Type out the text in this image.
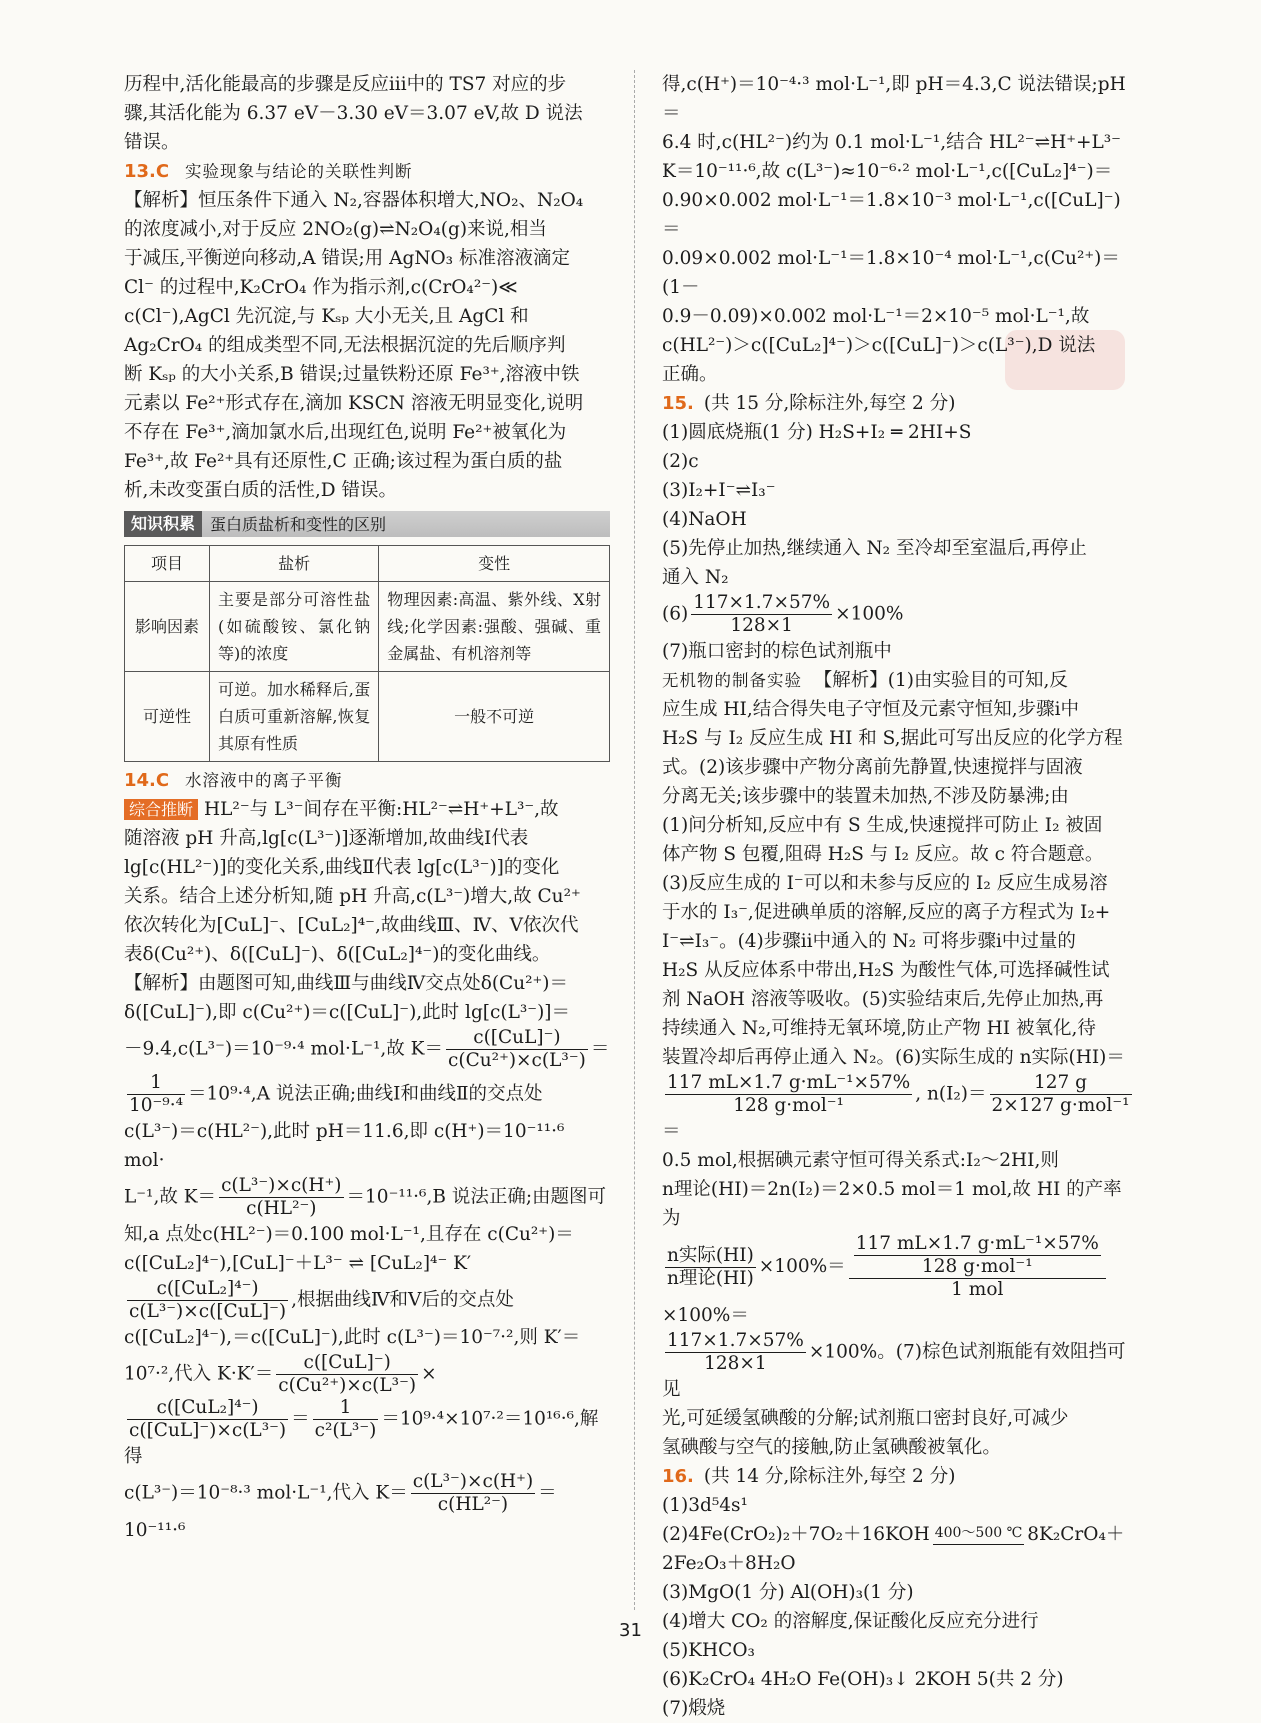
历程中,活化能最高的步骤是反应ⅲ中的 TS7 对应的步

骤,其活化能为 6.37 eV－3.30 eV＝3.07 eV,故 D 说法

错误。

13.C 实验现象与结论的关联性判断

【解析】恒压条件下通入 N₂,容器体积增大,NO₂、N₂O₄

的浓度减小,对于反应 2NO₂(g)⇌N₂O₄(g)来说,相当

于减压,平衡逆向移动,A 错误;用 AgNO₃ 标准溶液滴定

Cl⁻ 的过程中,K₂CrO₄ 作为指示剂,c(CrO₄²⁻)≪

c(Cl⁻),AgCl 先沉淀,与 Kₛₚ 大小无关,且 AgCl 和

Ag₂CrO₄ 的组成类型不同,无法根据沉淀的先后顺序判

断 Kₛₚ 的大小关系,B 错误;过量铁粉还原 Fe³⁺,溶液中铁

元素以 Fe²⁺形式存在,滴加 KSCN 溶液无明显变化,说明

不存在 Fe³⁺,滴加氯水后,出现红色,说明 Fe²⁺被氧化为

Fe³⁺,故 Fe²⁺具有还原性,C 正确;该过程为蛋白质的盐

析,未改变蛋白质的活性,D 错误。

知识积累 蛋白质盐析和变性的区别
项目	盐析	变性
影响因素	主要是部分可溶性盐(如硫酸铵、氯化钠等)的浓度	物理因素:高温、紫外线、X射线;化学因素:强酸、强碱、重金属盐、有机溶剂等
可逆性	可逆。加水稀释后,蛋白质可重新溶解,恢复其原有性质	一般不可逆

14.C 水溶液中的离子平衡

综合推断 HL²⁻与 L³⁻间存在平衡:HL²⁻⇌H⁺+L³⁻,故

随溶液 pH 升高,lg[c(L³⁻)]逐渐增加,故曲线Ⅰ代表

lg[c(HL²⁻)]的变化关系,曲线Ⅱ代表 lg[c(L³⁻)]的变化

关系。结合上述分析知,随 pH 升高,c(L³⁻)增大,故 Cu²⁺

依次转化为[CuL]⁻、[CuL₂]⁴⁻,故曲线Ⅲ、Ⅳ、Ⅴ依次代

表δ(Cu²⁺)、δ([CuL]⁻)、δ([CuL₂]⁴⁻)的变化曲线。

【解析】由题图可知,曲线Ⅲ与曲线Ⅳ交点处δ(Cu²⁺)＝

δ([CuL]⁻),即 c(Cu²⁺)＝c([CuL]⁻),此时 lg[c(L³⁻)]＝

－9.4,c(L³⁻)＝10⁻⁹·⁴ mol·L⁻¹,故 $K= \frac{\text{c([CuL]⁻)}}{\text{c(Cu²⁺)×c(L³⁻)}}$ ＝

$\frac{1}{\text{10⁻⁹·⁴}} =10^9\cdot^4,A$ 说法正确;曲线Ⅰ和曲线Ⅱ的交点处

c(L³⁻)＝c(HL²⁻),此时 pH＝11.6,即 c(H⁺)＝10⁻¹¹·⁶ mol·

L⁻¹,故 $K= \frac{\text{c(L³⁻)×c(H⁺)}}{\text{c(HL²⁻)}} =10^{-11}\cdot^6,B$ 说法正确;由题图可

知,a 点处c(HL²⁻)＝0.100 mol·L⁻¹,且存在 c(Cu²⁺)＝

c([CuL₂]⁴⁻),[CuL]⁻＋L³⁻ ⇌ [CuL₂]⁴⁻ K′

$\frac{\text{c([CuL₂]⁴⁻)}}{\text{c(L³⁻)×c([CuL]⁻)}}$ ,根据曲线Ⅳ和Ⅴ后的交点处

c([CuL₂]⁴⁻),＝c([CuL]⁻),此时 c(L³⁻)＝10⁻⁷·²,则 K′＝

10⁷·²,代入 $K\cdot K'= \frac{\text{c([CuL]⁻)}}{\text{c(Cu²⁺)×c(L³⁻)}}$ ×

$\frac{\text{c([CuL₂]⁴⁻)}}{\text{c([CuL]⁻)×c(L³⁻)}} = \frac{1}{\text{c²(L³⁻)}} =10^9\cdot^4\times 10^7\cdot^2=10^{16}\cdot^6$,解得

c(L³⁻)＝10⁻⁸·³ mol·L⁻¹,代入 $K= \frac{\text{c(L³⁻)×c(H⁺)}}{\text{c(HL²⁻)}} =10^{-11}\cdot^6$

得,c(H⁺)＝10⁻⁴·³ mol·L⁻¹,即 pH＝4.3,C 说法错误;pH＝

6.4 时,c(HL²⁻)约为 0.1 mol·L⁻¹,结合 HL²⁻⇌H⁺+L³⁻

K＝10⁻¹¹·⁶,故 c(L³⁻)≈10⁻⁶·² mol·L⁻¹,c([CuL₂]⁴⁻)＝

0.90×0.002 mol·L⁻¹＝1.8×10⁻³ mol·L⁻¹,c([CuL]⁻)＝

0.09×0.002 mol·L⁻¹＝1.8×10⁻⁴ mol·L⁻¹,c(Cu²⁺)＝(1－

0.9－0.09)×0.002 mol·L⁻¹＝2×10⁻⁵ mol·L⁻¹,故

c(HL²⁻)＞c([CuL₂]⁴⁻)＞c([CuL]⁻)＞c(L³⁻),D 说法

正确。

15. (共 15 分,除标注外,每空 2 分)

(1)圆底烧瓶(1 分) H₂S+I₂ ═ 2HI+S

(2)c

(3)I₂+I⁻⇌I₃⁻

(4)NaOH

(5)先停止加热,继续通入 N₂ 至冷却至室温后,再停止

通入 N₂

$(6) \frac{117\times 1.7\times 57\%}{128\times 1} \times 100\%$

(7)瓶口密封的棕色试剂瓶中

无机物的制备实验 【解析】(1)由实验目的可知,反

应生成 HI,结合得失电子守恒及元素守恒知,步骤ⅰ中

H₂S 与 I₂ 反应生成 HI 和 S,据此可写出反应的化学方程

式。(2)该步骤中产物分离前先静置,快速搅拌与固液

分离无关;该步骤中的装置未加热,不涉及防暴沸;由

(1)问分析知,反应中有 S 生成,快速搅拌可防止 I₂ 被固

体产物 S 包覆,阻碍 H₂S 与 I₂ 反应。故 c 符合题意。

(3)反应生成的 I⁻可以和未参与反应的 I₂ 反应生成易溶

于水的 I₃⁻,促进碘单质的溶解,反应的离子方程式为 I₂+

I⁻⇌I₃⁻。(4)步骤ⅱ中通入的 N₂ 可将步骤ⅰ中过量的

H₂S 从反应体系中带出,H₂S 为酸性气体,可选择碱性试

剂 NaOH 溶液等吸收。(5)实验结束后,先停止加热,再

持续通入 N₂,可维持无氧环境,防止产物 HI 被氧化,待

装置冷却后再停止通入 N₂。(6)实际生成的 n实际(HI)＝

$\frac{\text{117 mL×1.7 g·mL⁻¹×57\%}}{\text{128 g·mol⁻¹}}$ , $n(I_2)= \frac{127 g}{\text{2×127 g·mol⁻¹}}$
＝

0.5 mol,根据碘元素守恒可得关系式:I₂～2HI,则

n理论(HI)＝2n(I₂)＝2×0.5 mol＝1 mol,故 HI 的产率为

$\frac{\text{n实际(HI)}}{\text{n理论(HI)}} \times 100\%= \frac{\frac{\text{117 mL×1.7 g·mL⁻¹×57\%}}{\text{128 g·mol⁻¹}}}{\text{1 mol}}$
×100%＝

$\frac{117\times 1.7\times 57\%}{128\times 1} \times 100\%$。(7)棕色试剂瓶能有效阻挡可见

光,可延缓氢碘酸的分解;试剂瓶口密封良好,可减少

氢碘酸与空气的接触,防止氢碘酸被氧化。

16. (共 14 分,除标注外,每空 2 分)

(1)3d⁵4s¹

(2)4Fe(CrO₂)₂＋7O₂＋16KOH 400～500 ℃ 8K₂CrO₄＋

2Fe₂O₃＋8H₂O

(3)MgO(1 分) Al(OH)₃(1 分)

(4)增大 CO₂ 的溶解度,保证酸化反应充分进行

(5)KHCO₃

(6)K₂CrO₄ 4H₂O Fe(OH)₃↓ 2KOH 5(共 2 分)

(7)煅烧

31
